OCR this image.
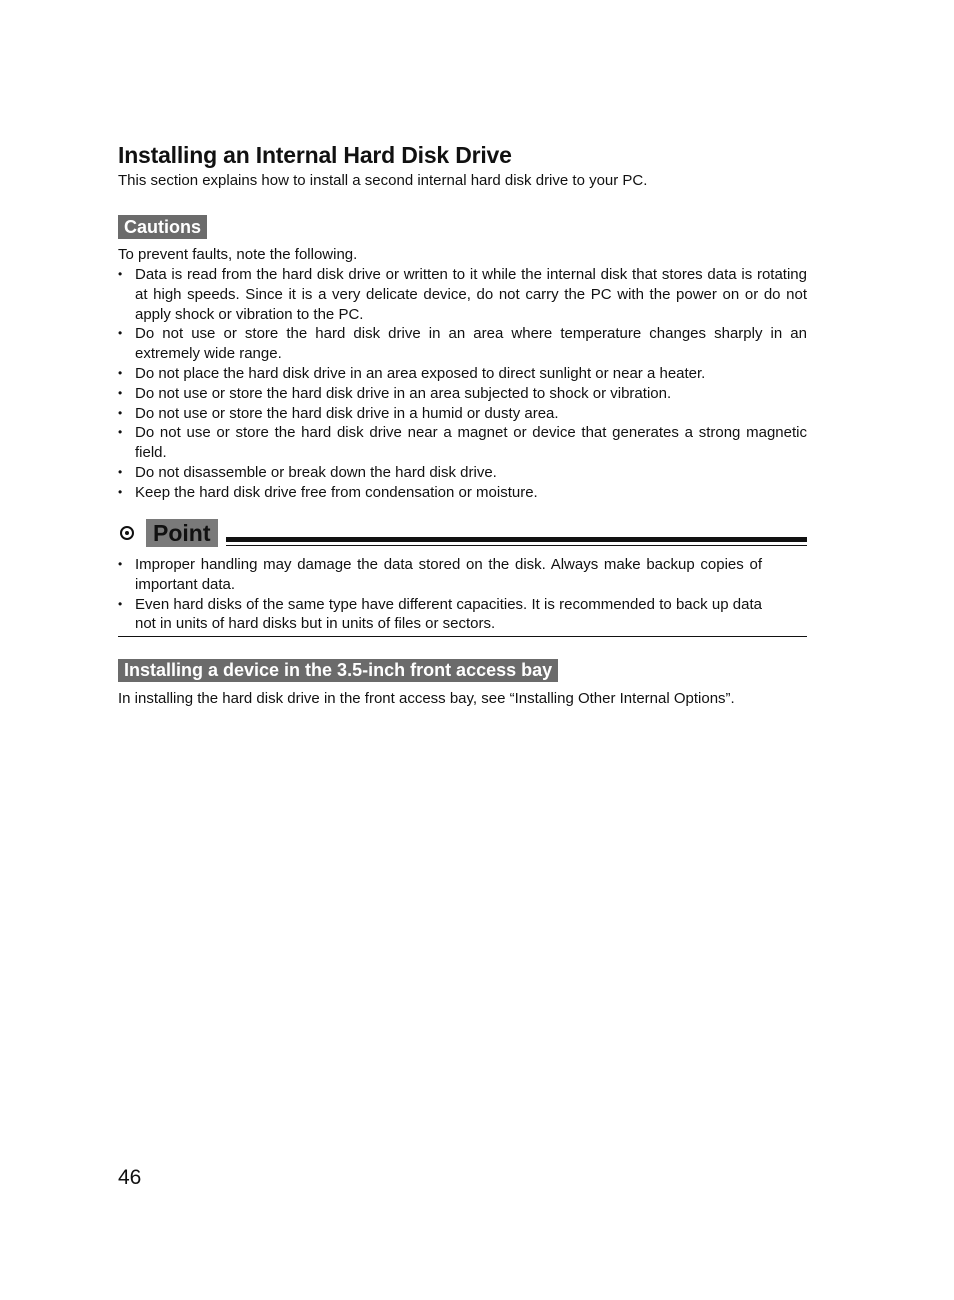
Installing an Internal Hard Disk Drive
This section explains how to install a second internal hard disk drive to your PC.
Cautions
To prevent faults, note the following.
• Data is read from the hard disk drive or written to it while the internal disk that stores data is rotating at high speeds. Since it is a very delicate device, do not carry the PC with the power on or do not apply shock or vibration to the PC.
• Do not use or store the hard disk drive in an area where temperature changes sharply in an extremely wide range.
• Do not place the hard disk drive in an area exposed to direct sunlight or near a heater.
• Do not use or store the hard disk drive in an area subjected to shock or vibration.
• Do not use or store the hard disk drive in a humid or dusty area.
• Do not use or store the hard disk drive near a magnet or device that generates a strong magnetic field.
• Do not disassemble or break down the hard disk drive.
• Keep the hard disk drive free from condensation or moisture.
Point
• Improper handling may damage the data stored on the disk. Always make backup copies of important data.
• Even hard disks of the same type have different capacities. It is recommended to back up data not in units of hard disks but in units of files or sectors.
Installing a device in the 3.5-inch front access bay
In installing the hard disk drive in the front access bay, see “Installing Other Internal Options”.
46
